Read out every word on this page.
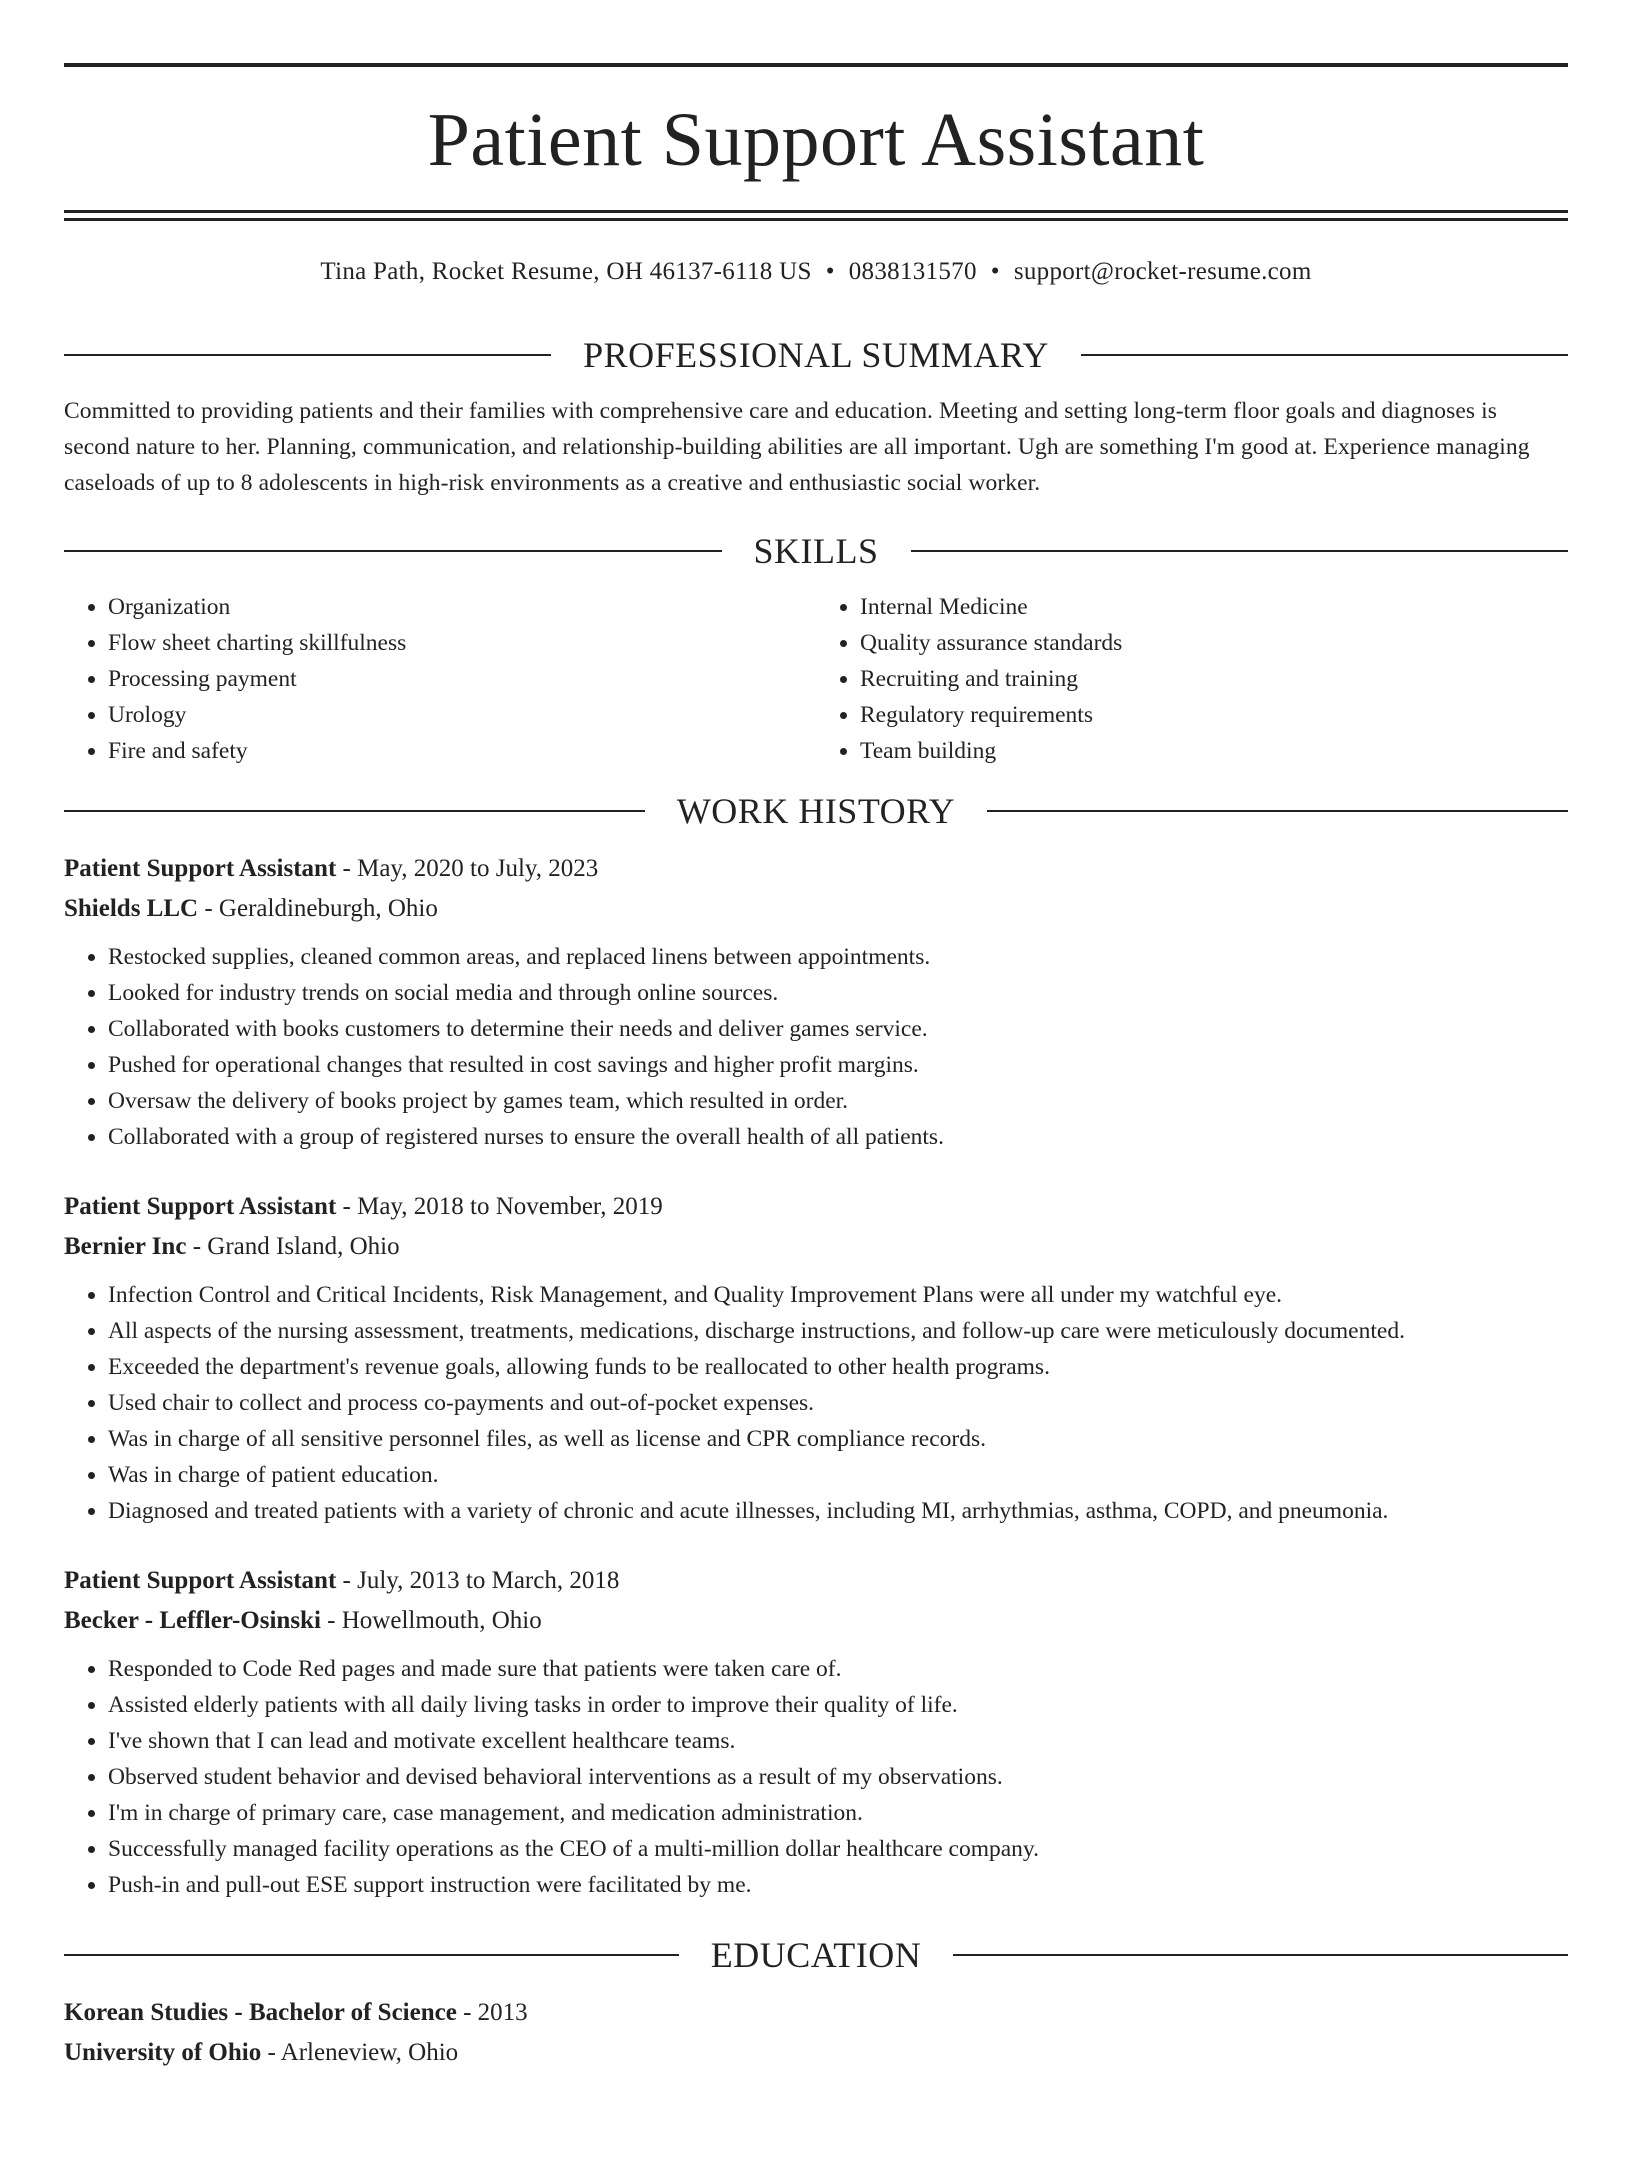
Patient Support Assistant
Tina Path, Rocket Resume, OH 46137-6118 US • 0838131570 • support@rocket-resume.com
PROFESSIONAL SUMMARY

Committed to providing patients and their families with comprehensive care and education. Meeting and setting long-term floor goals and diagnoses is second nature to her. Planning, communication, and relationship-building abilities are all important. Ugh are something I'm good at. Experience managing caseloads of up to 8 adolescents in high-risk environments as a creative and enthusiastic social worker.

SKILLS
• Organization
• Flow sheet charting skillfulness
• Processing payment
• Urology
• Fire and safety
• Internal Medicine
• Quality assurance standards
• Recruiting and training
• Regulatory requirements
• Team building
WORK HISTORY
Patient Support Assistant - May, 2020 to July, 2023
Shields LLC - Geraldineburgh, Ohio
• Restocked supplies, cleaned common areas, and replaced linens between appointments.
• Looked for industry trends on social media and through online sources.
• Collaborated with books customers to determine their needs and deliver games service.
• Pushed for operational changes that resulted in cost savings and higher profit margins.
• Oversaw the delivery of books project by games team, which resulted in order.
• Collaborated with a group of registered nurses to ensure the overall health of all patients.
Patient Support Assistant - May, 2018 to November, 2019
Bernier Inc - Grand Island, Ohio
• Infection Control and Critical Incidents, Risk Management, and Quality Improvement Plans were all under my watchful eye.
• All aspects of the nursing assessment, treatments, medications, discharge instructions, and follow-up care were meticulously documented.
• Exceeded the department's revenue goals, allowing funds to be reallocated to other health programs.
• Used chair to collect and process co-payments and out-of-pocket expenses.
• Was in charge of all sensitive personnel files, as well as license and CPR compliance records.
• Was in charge of patient education.
• Diagnosed and treated patients with a variety of chronic and acute illnesses, including MI, arrhythmias, asthma, COPD, and pneumonia.
Patient Support Assistant - July, 2013 to March, 2018
Becker - Leffler-Osinski - Howellmouth, Ohio
• Responded to Code Red pages and made sure that patients were taken care of.
• Assisted elderly patients with all daily living tasks in order to improve their quality of life.
• I've shown that I can lead and motivate excellent healthcare teams.
• Observed student behavior and devised behavioral interventions as a result of my observations.
• I'm in charge of primary care, case management, and medication administration.
• Successfully managed facility operations as the CEO of a multi-million dollar healthcare company.
• Push-in and pull-out ESE support instruction were facilitated by me.
EDUCATION
Korean Studies - Bachelor of Science - 2013
University of Ohio - Arleneview, Ohio
